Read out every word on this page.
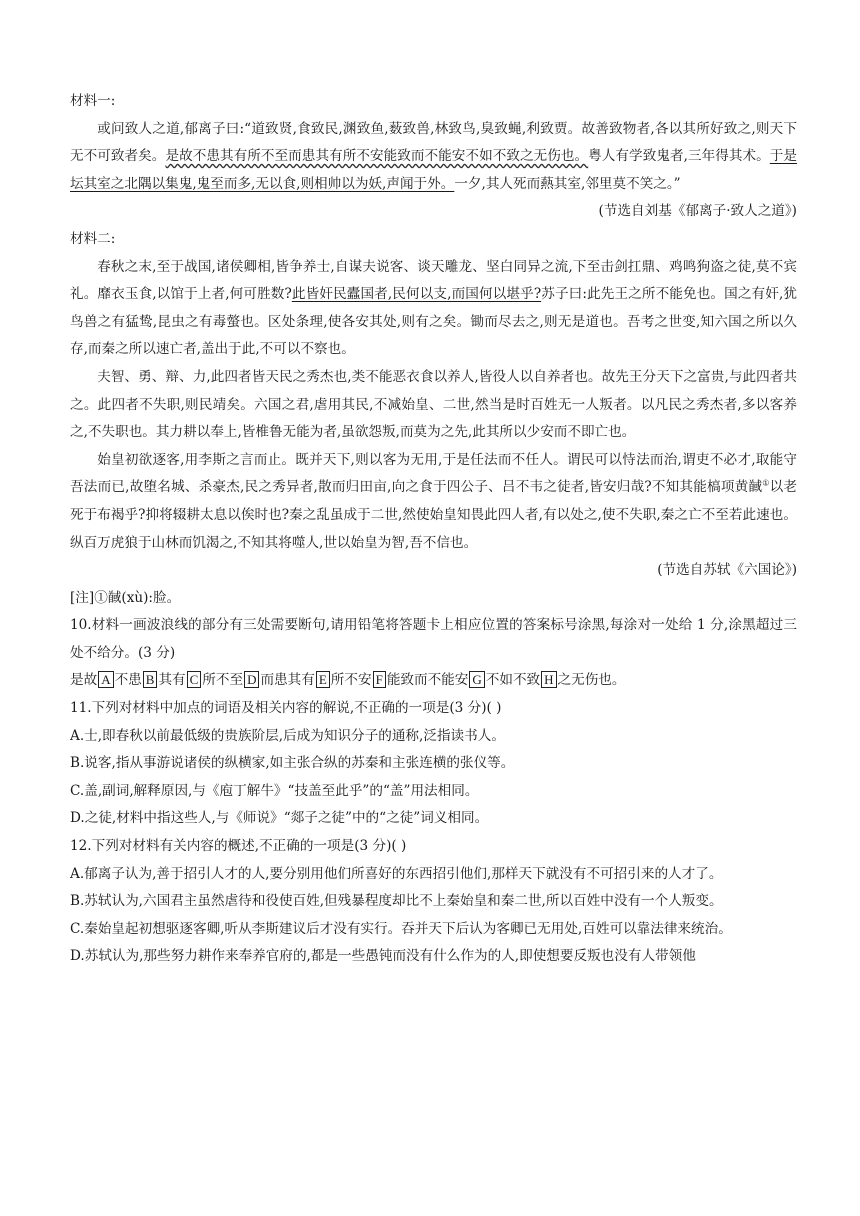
材料一:

或问致人之道,郁离子曰:“道致贤,食致民,渊致鱼,薮致兽,林致鸟,臭致蝇,利致贾。故善致物者,各以其所好致之,则天下无不可致者矣。是故不患其有所不至而患其有所不安能致而不能安不如不致之无伤也。粤人有学致鬼者,三年得其术。于是坛其室之北隅以集鬼,鬼至而多,无以食,则相帅以为妖,声闻于外。一夕,其人死而爇其室,邻里莫不笑之。”

(节选自刘基《郁离子·致人之道》)

材料二:

春秋之末,至于战国,诸侯卿相,皆争养士,自谋夫说客、谈天雕龙、坚白同异之流,下至击剑扛鼎、鸡鸣狗盗之徒,莫不宾礼。靡衣玉食,以馆于上者,何可胜数?此皆奸民蠹国者,民何以支,而国何以堪乎?苏子曰:此先王之所不能免也。国之有奸,犹鸟兽之有猛鸷,昆虫之有毒螫也。区处条理,使各安其处,则有之矣。锄而尽去之,则无是道也。吾考之世变,知六国之所以久存,而秦之所以速亡者,盖出于此,不可以不察也。

夫智、勇、辩、力,此四者皆天民之秀杰也,类不能恶衣食以养人,皆役人以自养者也。故先王分天下之富贵,与此四者共之。此四者不失职,则民靖矣。六国之君,虐用其民,不减始皇、二世,然当是时百姓无一人叛者。以凡民之秀杰者,多以客养之,不失职也。其力耕以奉上,皆椎鲁无能为者,虽欲怨叛,而莫为之先,此其所以少安而不即亡也。

始皇初欲逐客,用李斯之言而止。既并天下,则以客为无用,于是任法而不任人。谓民可以恃法而治,谓吏不必才,取能守吾法而已,故堕名城、杀豪杰,民之秀异者,散而归田亩,向之食于四公子、吕不韦之徒者,皆安归哉?不知其能槁项黄馘①以老死于布褐乎?抑将辍耕太息以俟时也?秦之乱虽成于二世,然使始皇知畏此四人者,有以处之,使不失职,秦之亡不至若此速也。纵百万虎狼于山林而饥渴之,不知其将噬人,世以始皇为智,吾不信也。

(节选自苏轼《六国论》)

[注]①馘(xù):脸。

10.材料一画波浪线的部分有三处需要断句,请用铅笔将答题卡上相应位置的答案标号涂黑,每涂对一处给 1 分,涂黑超过三处不给分。(3 分)

是故 A 不患 B 其有 C 所不至 D 而患其有 E 所不安 F 能致而不能安 G 不如不致 H 之无伤也。

11.下列对材料中加点的词语及相关内容的解说,不正确的一项是(3 分)( )

A.士,即春秋以前最低级的贵族阶层,后成为知识分子的通称,泛指读书人。

B.说客,指从事游说诸侯的纵横家,如主张合纵的苏秦和主张连横的张仪等。

C.盖,副词,解释原因,与《庖丁解牛》“技盖至此乎”的“盖”用法相同。

D.之徒,材料中指这些人,与《师说》“郯子之徒”中的“之徒”词义相同。

12.下列对材料有关内容的概述,不正确的一项是(3 分)( )

A.郁离子认为,善于招引人才的人,要分别用他们所喜好的东西招引他们,那样天下就没有不可招引来的人才了。

B.苏轼认为,六国君主虽然虐待和役使百姓,但残暴程度却比不上秦始皇和秦二世,所以百姓中没有一个人叛变。

C.秦始皇起初想驱逐客卿,听从李斯建议后才没有实行。吞并天下后认为客卿已无用处,百姓可以靠法律来统治。

D.苏轼认为,那些努力耕作来奉养官府的,都是一些愚钝而没有什么作为的人,即使想要反叛也没有人带领他
